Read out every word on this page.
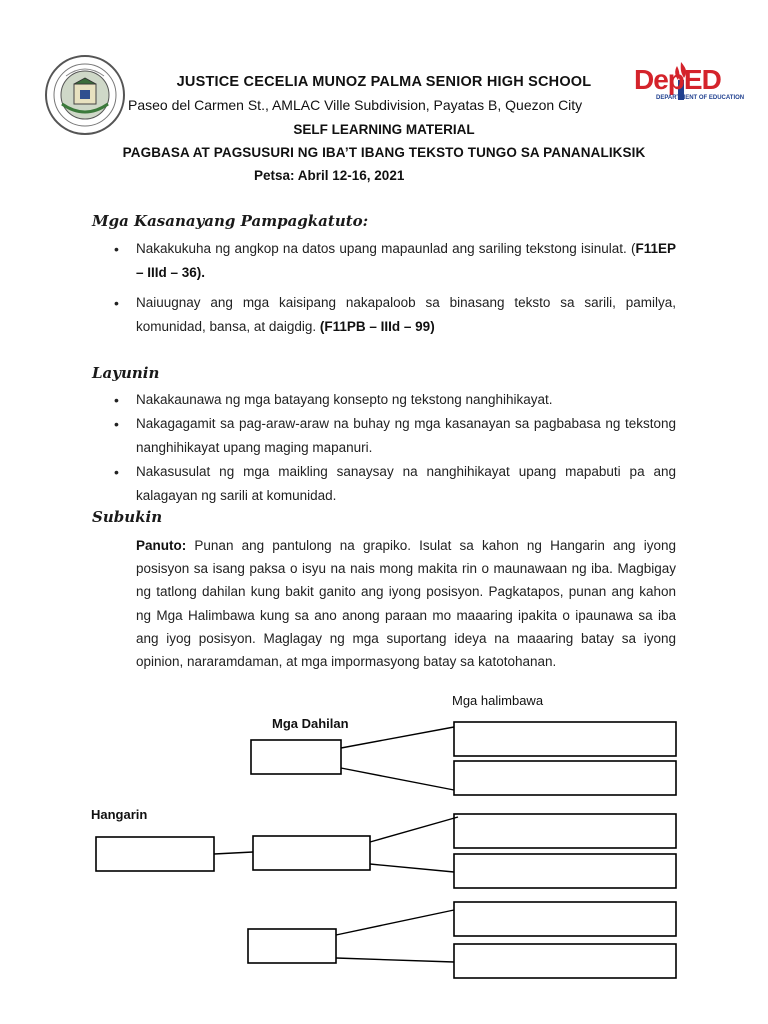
DepED
DEPARTMENT OF EDUCATION
JUSTICE CECELIA MUNOZ PALMA SENIOR HIGH SCHOOL
Paseo del Carmen St., AMLAC Ville Subdivision, Payatas B, Quezon City
SELF LEARNING MATERIAL
PAGBASA AT PAGSUSURI NG IBA’T IBANG TEKSTO TUNGO SA PANANALIKSIK
Petsa: Abril 12-16, 2021
Mga Kasanayang Pampagkatuto:
• Nakakukuha ng angkop na datos upang mapaunlad ang sariling tekstong isinulat. (F11EP – IIId – 36).
• Naiuugnay ang mga kaisipang nakapaloob sa binasang teksto sa sarili, pamilya, komunidad, bansa, at daigdig. (F11PB – IIId – 99)
Layunin
• Nakakaunawa ng mga batayang konsepto ng tekstong nanghihikayat.
• Nakagagamit sa pag-araw-araw na buhay ng mga kasanayan sa pagbabasa ng tekstong nanghihikayat upang maging mapanuri.
• Nakasusulat ng mga maikling sanaysay na nanghihikayat upang mapabuti pa ang kalagayan ng sarili at komunidad.
Subukin
Panuto: Punan ang pantulong na grapiko. Isulat sa kahon ng Hangarin ang iyong posisyon sa isang paksa o isyu na nais mong makita rin o maunawaan ng iba. Magbigay ng tatlong dahilan kung bakit ganito ang iyong posisyon. Pagkatapos, punan ang kahon ng Mga Halimbawa kung sa ano anong paraan mo maaaring ipakita o ipaunawa sa iba ang iyog posisyon. Maglagay ng mga suportang ideya na maaaring batay sa iyong opinion, nararamdaman, at mga impormasyong batay sa katotohanan.
Mga halimbawa
Mga Dahilan
Hangarin
